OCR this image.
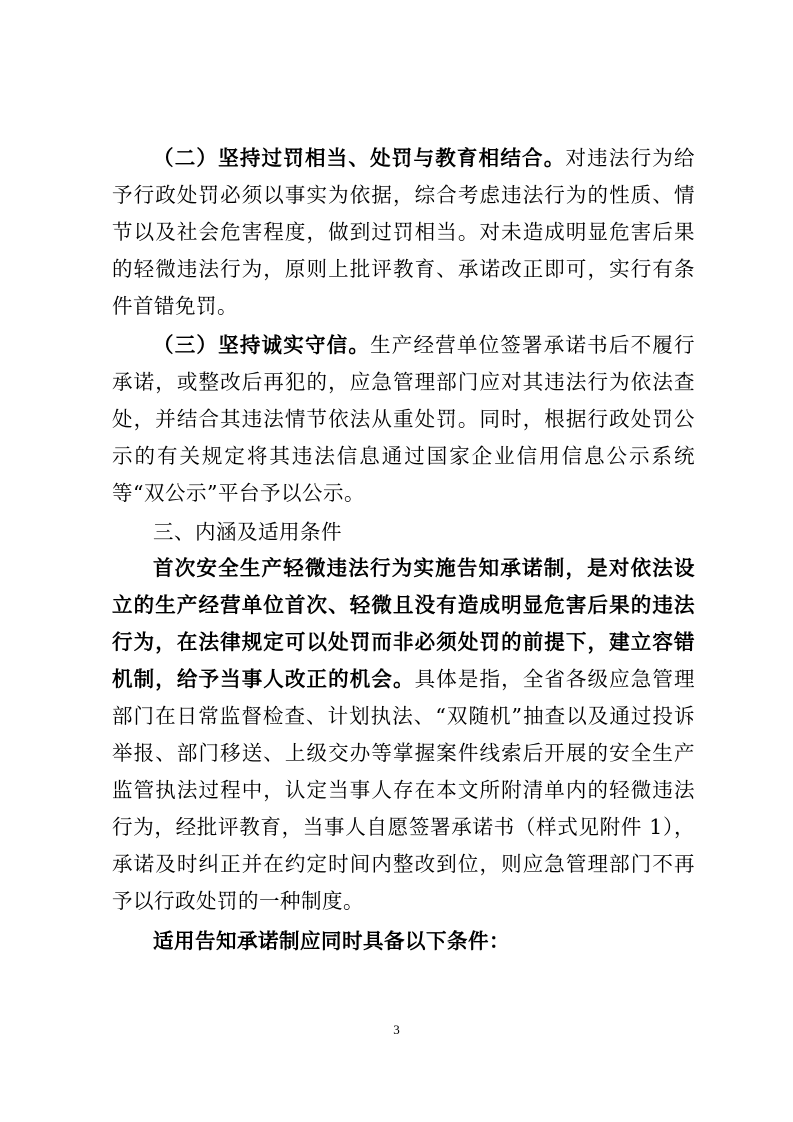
（二）坚持过罚相当、处罚与教育相结合。对违法行为给予行政处罚必须以事实为依据，综合考虑违法行为的性质、情节以及社会危害程度，做到过罚相当。对未造成明显危害后果的轻微违法行为，原则上批评教育、承诺改正即可，实行有条件首错免罚。

（三）坚持诚实守信。生产经营单位签署承诺书后不履行承诺，或整改后再犯的，应急管理部门应对其违法行为依法查处，并结合其违法情节依法从重处罚。同时，根据行政处罚公示的有关规定将其违法信息通过国家企业信用信息公示系统等“双公示”平台予以公示。

三、内涵及适用条件

首次安全生产轻微违法行为实施告知承诺制，是对依法设立的生产经营单位首次、轻微且没有造成明显危害后果的违法行为，在法律规定可以处罚而非必须处罚的前提下，建立容错机制，给予当事人改正的机会。具体是指，全省各级应急管理部门在日常监督检查、计划执法、“双随机”抽查以及通过投诉举报、部门移送、上级交办等掌握案件线索后开展的安全生产监管执法过程中，认定当事人存在本文所附清单内的轻微违法行为，经批评教育，当事人自愿签署承诺书（样式见附件 1），承诺及时纠正并在约定时间内整改到位，则应急管理部门不再予以行政处罚的一种制度。

适用告知承诺制应同时具备以下条件：

3
